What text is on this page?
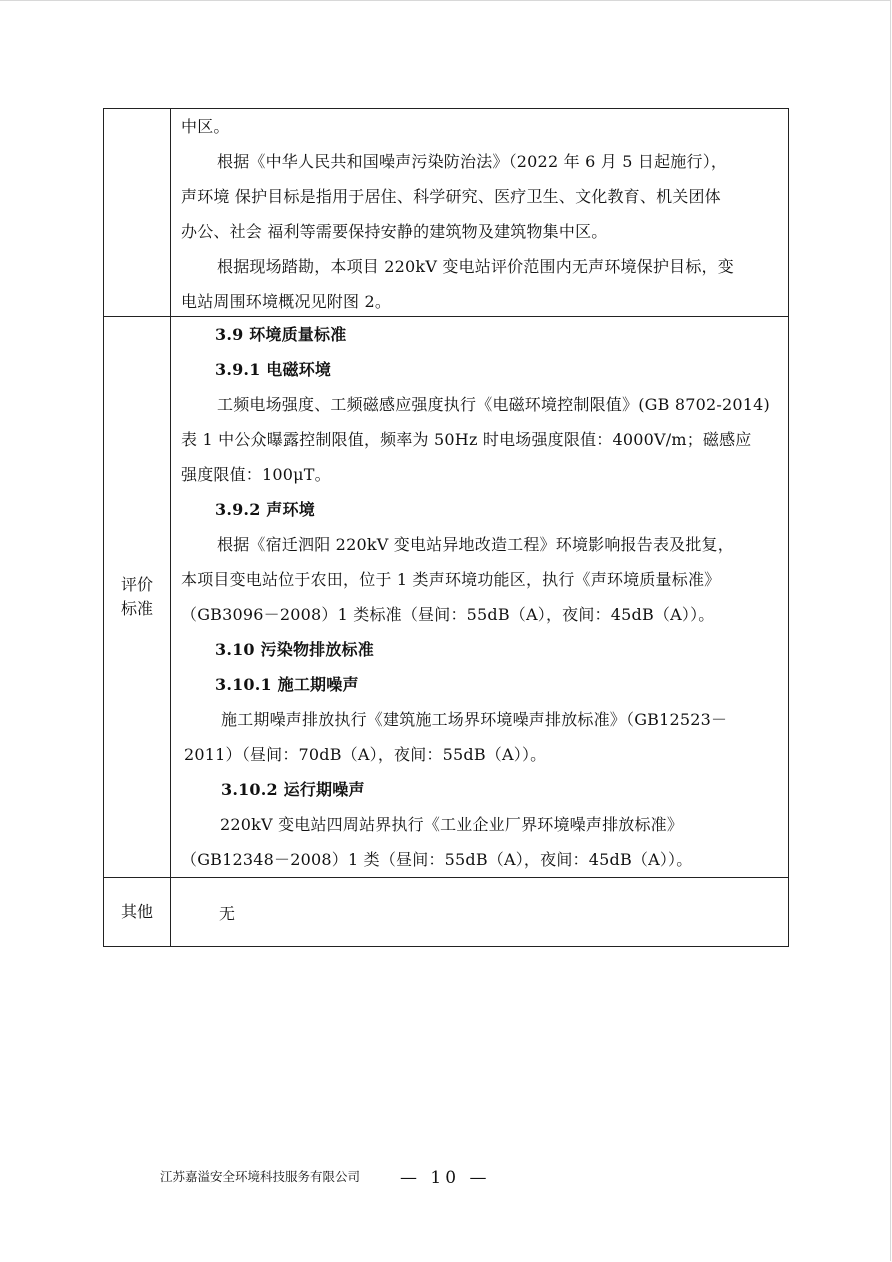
中区。
根据《中华人民共和国噪声污染防治法》（2022 年 6 月 5 日起施行），
声环境 保护目标是指用于居住、科学研究、医疗卫生、文化教育、机关团体
办公、社会 福利等需要保持安静的建筑物及建筑物集中区。
根据现场踏勘，本项目 220kV 变电站评价范围内无声环境保护目标，变
电站周围环境概况见附图 2。
评价
标准
3.9 环境质量标准
3.9.1 电磁环境
工频电场强度、工频磁感应强度执行《电磁环境控制限值》(GB 8702-2014)
表 1 中公众曝露控制限值，频率为 50Hz 时电场强度限值：4000V/m；磁感应
强度限值：100μT。
3.9.2 声环境
根据《宿迁泗阳 220kV 变电站异地改造工程》环境影响报告表及批复，
本项目变电站位于农田，位于 1 类声环境功能区，执行《声环境质量标准》
（GB3096－2008）1 类标准（昼间：55dB（A），夜间：45dB（A））。
3.10 污染物排放标准
3.10.1 施工期噪声
施工期噪声排放执行《建筑施工场界环境噪声排放标准》（GB12523－
2011）（昼间：70dB（A），夜间：55dB（A））。
3.10.2 运行期噪声
220kV 变电站四周站界执行《工业企业厂界环境噪声排放标准》
（GB12348－2008）1 类（昼间：55dB（A），夜间：45dB（A））。
其他	无
江苏嘉溢安全环境科技服务有限公司 — 10 —
